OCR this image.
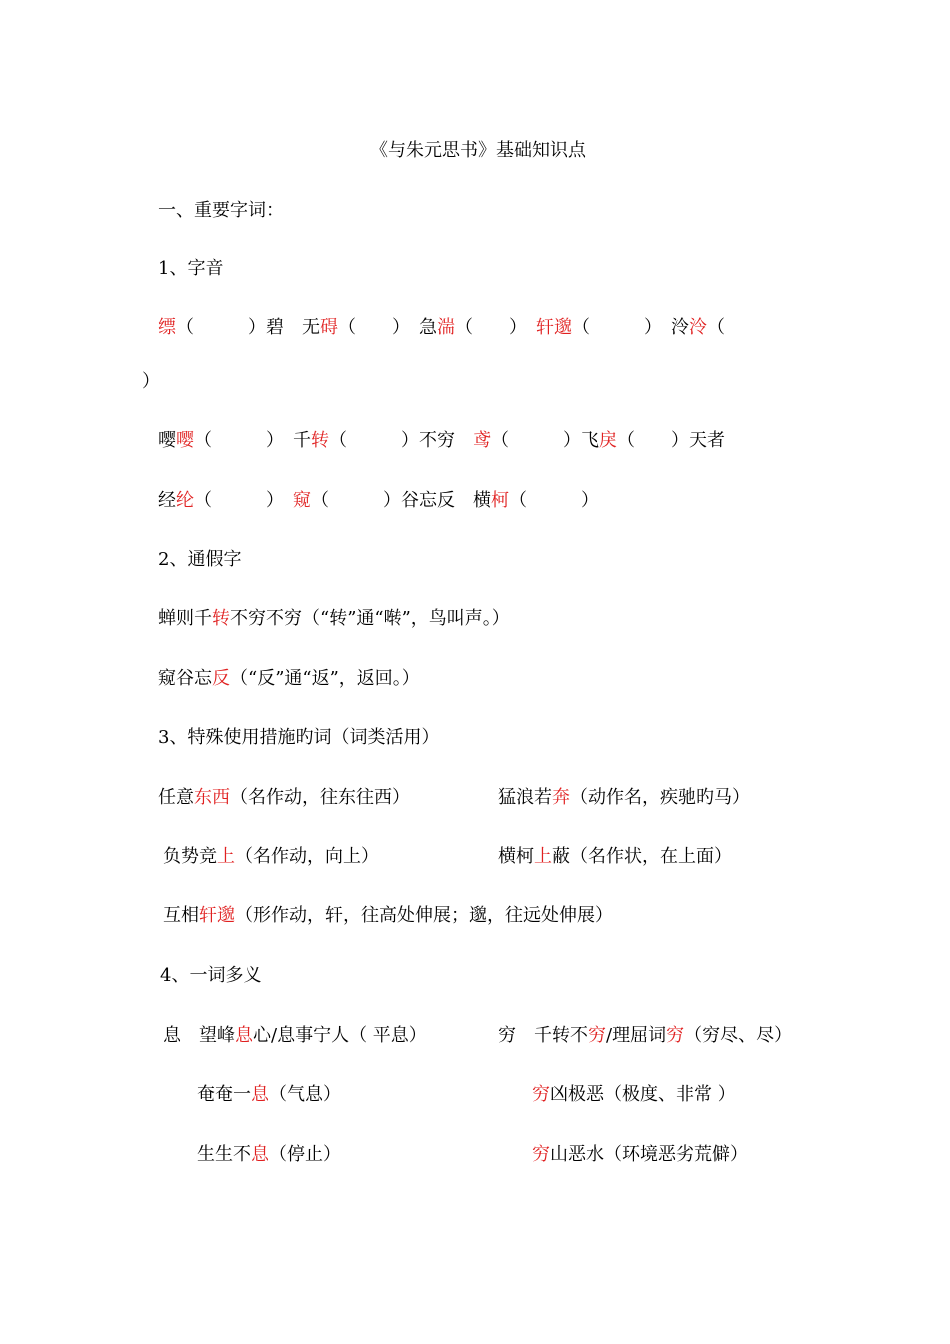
《与朱元思书》基础知识点
一、重要字词：
1、字音
缥（　　　）碧　无碍（　　）　急湍（　　）　轩邈（　　　）　泠泠（
）
嘤嘤（　　　）　千转（　　　）不穷　鸢（　　　）飞戾（　　）天者
经纶（　　　）　窥（　　　）谷忘反　横柯（　　　）
2、通假字
蝉则千转不穷不穷（“转”通“啭”，鸟叫声。）
窥谷忘反（“反”通“返”，返回。）
3、特殊使用措施旳词（词类活用）
任意东西（名作动，往东往西）	猛浪若奔（动作名，疾驰旳马）
负势竞上（名作动，向上）	横柯上蔽（名作状，在上面）
互相轩邈（形作动，轩，往高处伸展；邈，往远处伸展）
4、一词多义
息　望峰息心/息事宁人（ 平息）	穷　千转不穷/理屈词穷（穷尽、尽）
奄奄一息（气息）	穷凶极恶（极度、非常 ）
生生不息（停止）	穷山恶水（环境恶劣荒僻）
